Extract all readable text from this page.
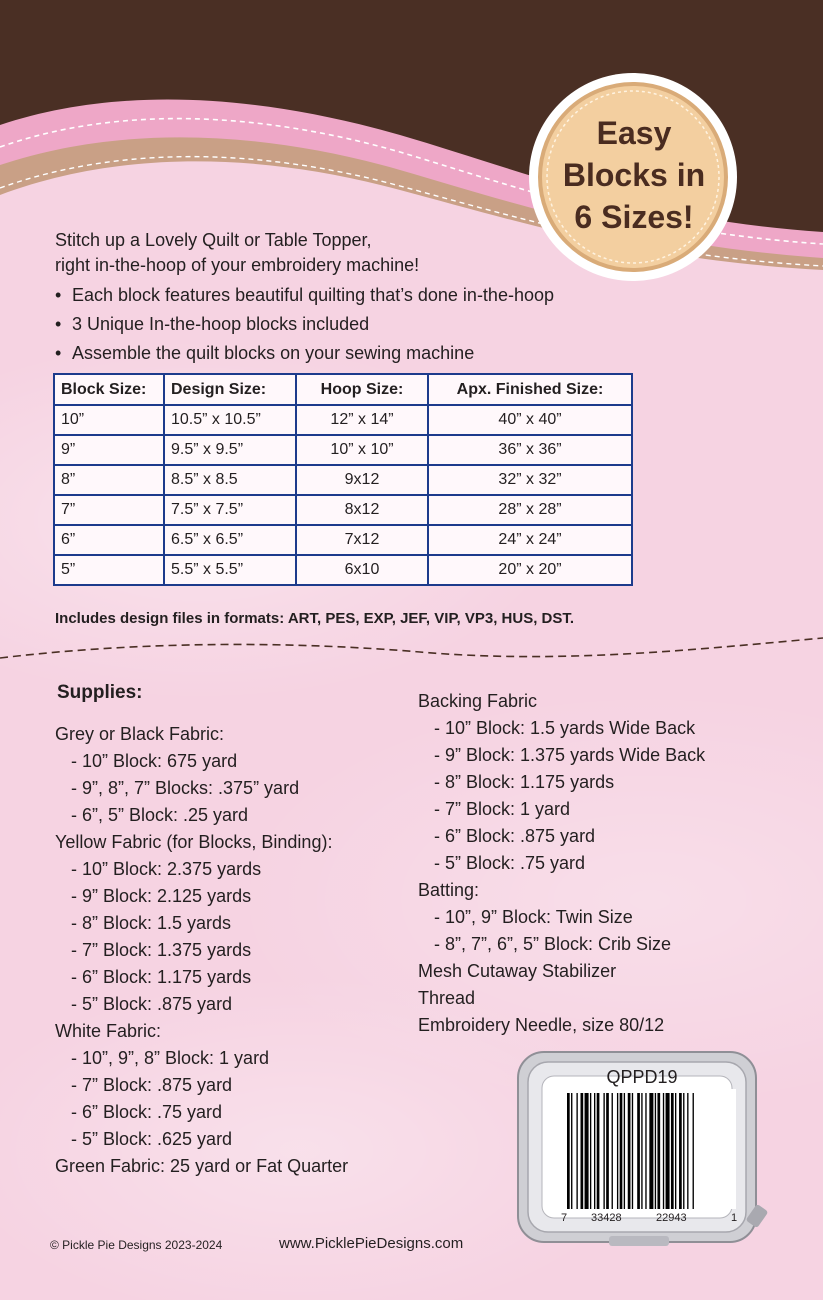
Easy
Blocks in
6 Sizes!
Stitch up a Lovely Quilt or Table Topper,
right in-the-hoop of your embroidery machine!
• Each block features beautiful quilting that’s done in-the-hoop
• 3 Unique In-the-hoop blocks included
• Assemble the quilt blocks on your sewing machine
Block Size:	Design Size:	Hoop Size:	Apx. Finished Size:
10”	10.5” x 10.5”	12” x 14”	40” x 40”
9”	9.5” x 9.5”	10” x 10”	36” x 36”
8”	8.5” x 8.5	9x12	32” x 32”
7”	7.5” x 7.5”	8x12	28” x 28”
6”	6.5” x 6.5”	7x12	24” x 24”
5”	5.5” x 5.5”	6x10	20” x 20”
Includes design files in formats: ART, PES, EXP, JEF, VIP, VP3, HUS, DST.
Supplies:
Grey or Black Fabric:
- 10” Block: 675 yard
- 9”, 8”, 7” Blocks: .375” yard
- 6”, 5” Block: .25 yard
Yellow Fabric (for Blocks, Binding):
- 10” Block: 2.375 yards
- 9” Block: 2.125 yards
- 8” Block: 1.5 yards
- 7” Block: 1.375 yards
- 6” Block: 1.175 yards
- 5” Block: .875 yard
White Fabric:
- 10”, 9”, 8” Block: 1 yard
- 7” Block: .875 yard
- 6” Block: .75 yard
- 5” Block: .625 yard
Green Fabric: 25 yard or Fat Quarter
Backing Fabric
- 10” Block: 1.5 yards Wide Back
- 9” Block: 1.375 yards Wide Back
- 8” Block: 1.175 yards
- 7” Block: 1 yard
- 6” Block: .875 yard
- 5” Block: .75 yard
Batting:
- 10”, 9” Block: Twin Size
- 8”, 7”, 6”, 5” Block: Crib Size
Mesh Cutaway Stabilizer
Thread
Embroidery Needle, size 80/12
QPPD19
7 33428	22943	1
© Pickle Pie Designs 2023-2024	www.PicklePieDesigns.com
